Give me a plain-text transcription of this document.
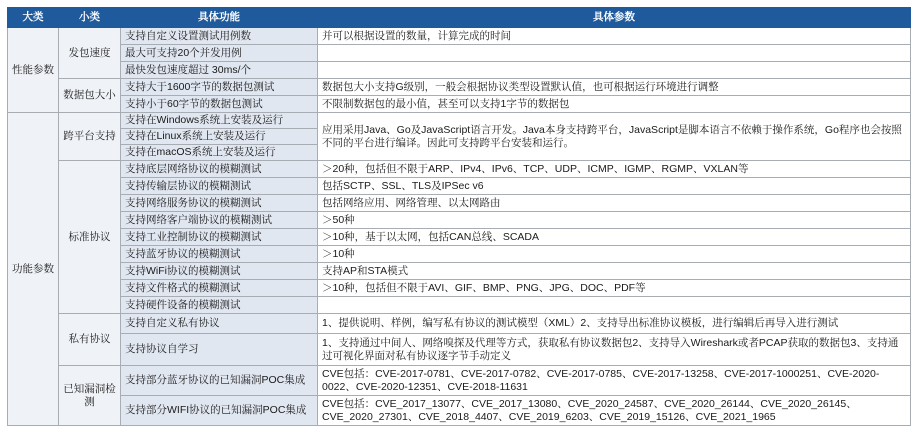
大类	小类	具体功能	具体参数
性能参数	发包速度	支持自定义设置测试用例数	并可以根据设置的数量，计算完成的时间
		最大可支持20个并发用例	
		最快发包速度超过 30ms/个	
	数据包大小	支持大于1600字节的数据包测试	数据包大小支持G级别，一般会根据协议类型设置默认值，也可根据运行环境进行调整
		支持小于60字节的数据包测试	不限制数据包的最小值，甚至可以支持1字节的数据包
功能参数	跨平台支持	支持在Windows系统上安装及运行	应用采用Java、Go及JavaScript语言开发。Java本身支持跨平台，JavaScript是脚本语言不依赖于操作系统，Go程序也会按照不同的平台进行编译。因此可支持跨平台安装和运行。
		支持在Linux系统上安装及运行	
		支持在macOS系统上安装及运行	
	标准协议	支持底层网络协议的模糊测试	＞20种，包括但不限于ARP、IPv4、IPv6、TCP、UDP、ICMP、IGMP、RGMP、VXLAN等
		支持传输层协议的模糊测试	包括SCTP、SSL、TLS及IPSec v6
		支持网络服务协议的模糊测试	包括网络应用、网络管理、以太网路由
		支持网络客户端协议的模糊测试	＞50种
		支持工业控制协议的模糊测试	＞10种，基于以太网，包括CAN总线、SCADA
		支持蓝牙协议的模糊测试	＞10种
		支持WiFi协议的模糊测试	支持AP和STA模式
		支持文件格式的模糊测试	＞10种，包括但不限于AVI、GIF、BMP、PNG、JPG、DOC、PDF等
		支持硬件设备的模糊测试	
	私有协议	支持自定义私有协议	1、提供说明、样例，编写私有协议的测试模型（XML）2、支持导出标准协议模板，进行编辑后再导入进行测试
		支持协议自学习	1、支持通过中间人、网络嗅探及代理等方式，获取私有协议数据包2、支持导入Wireshark或者PCAP获取的数据包3、支持通过可视化界面对私有协议逐字节手动定义
	已知漏洞检测	支持部分蓝牙协议的已知漏洞POC集成	CVE包括：CVE-2017-0781、CVE-2017-0782、CVE-2017-0785、CVE-2017-13258、CVE-2017-1000251、CVE-2020-0022、CVE-2020-12351、CVE-2018-11631
		支持部分WIFI协议的已知漏洞POC集成	CVE包括：CVE_2017_13077、CVE_2017_13080、CVE_2020_24587、CVE_2020_26144、CVE_2020_26145、CVE_2020_27301、CVE_2018_4407、CVE_2019_6203、CVE_2019_15126、CVE_2021_1965
